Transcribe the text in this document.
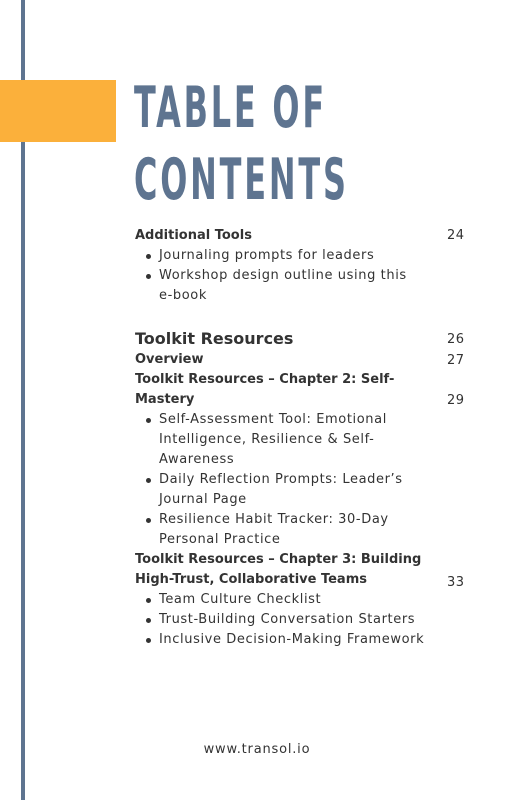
TABLE OF
CONTENTS
24
26
27
29
33
Additional Tools
Journaling prompts for leaders
Workshop design outline using this
e-book
Toolkit Resources
Overview
Toolkit Resources – Chapter 2: Self-
Mastery
Self-Assessment Tool: Emotional
Intelligence, Resilience & Self-
Awareness
Daily Reflection Prompts: Leader’s
Journal Page
Resilience Habit Tracker: 30-Day
Personal Practice
Toolkit Resources – Chapter 3: Building
High-Trust, Collaborative Teams
Team Culture Checklist
Trust-Building Conversation Starters
Inclusive Decision-Making Framework
www.transol.io
